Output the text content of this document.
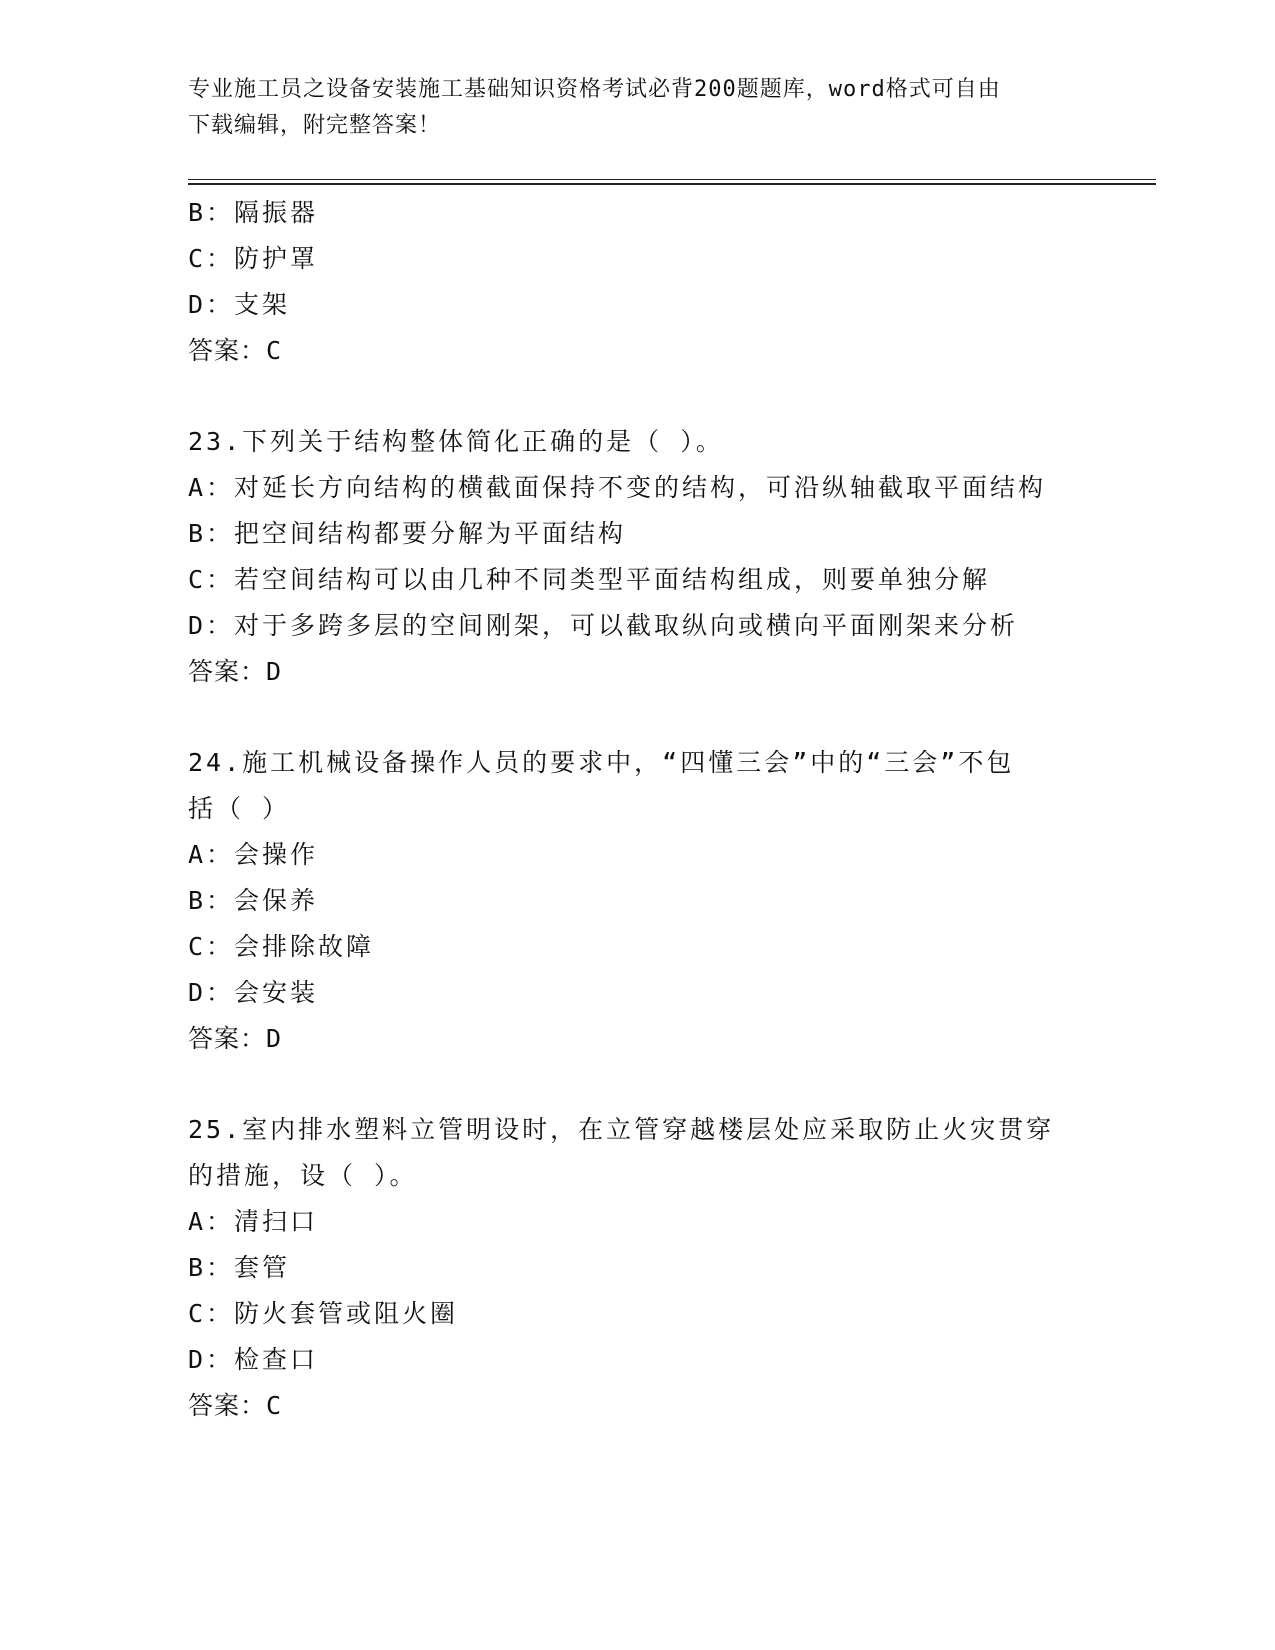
专业施工员之设备安装施工基础知识资格考试必背200题题库，word格式可自由
下载编辑，附完整答案！
B：隔振器
C：防护罩
D：支架
答案：C
23.下列关于结构整体简化正确的是（ ）。
A：对延长方向结构的横截面保持不变的结构，可沿纵轴截取平面结构
B：把空间结构都要分解为平面结构
C：若空间结构可以由几种不同类型平面结构组成，则要单独分解
D：对于多跨多层的空间刚架，可以截取纵向或横向平面刚架来分析
答案：D
24.施工机械设备操作人员的要求中，“四懂三会”中的“三会”不包
括（ ）
A：会操作
B：会保养
C：会排除故障
D：会安装
答案：D
25.室内排水塑料立管明设时，在立管穿越楼层处应采取防止火灾贯穿
的措施，设（ ）。
A：清扫口
B：套管
C：防火套管或阻火圈
D：检查口
答案：C
